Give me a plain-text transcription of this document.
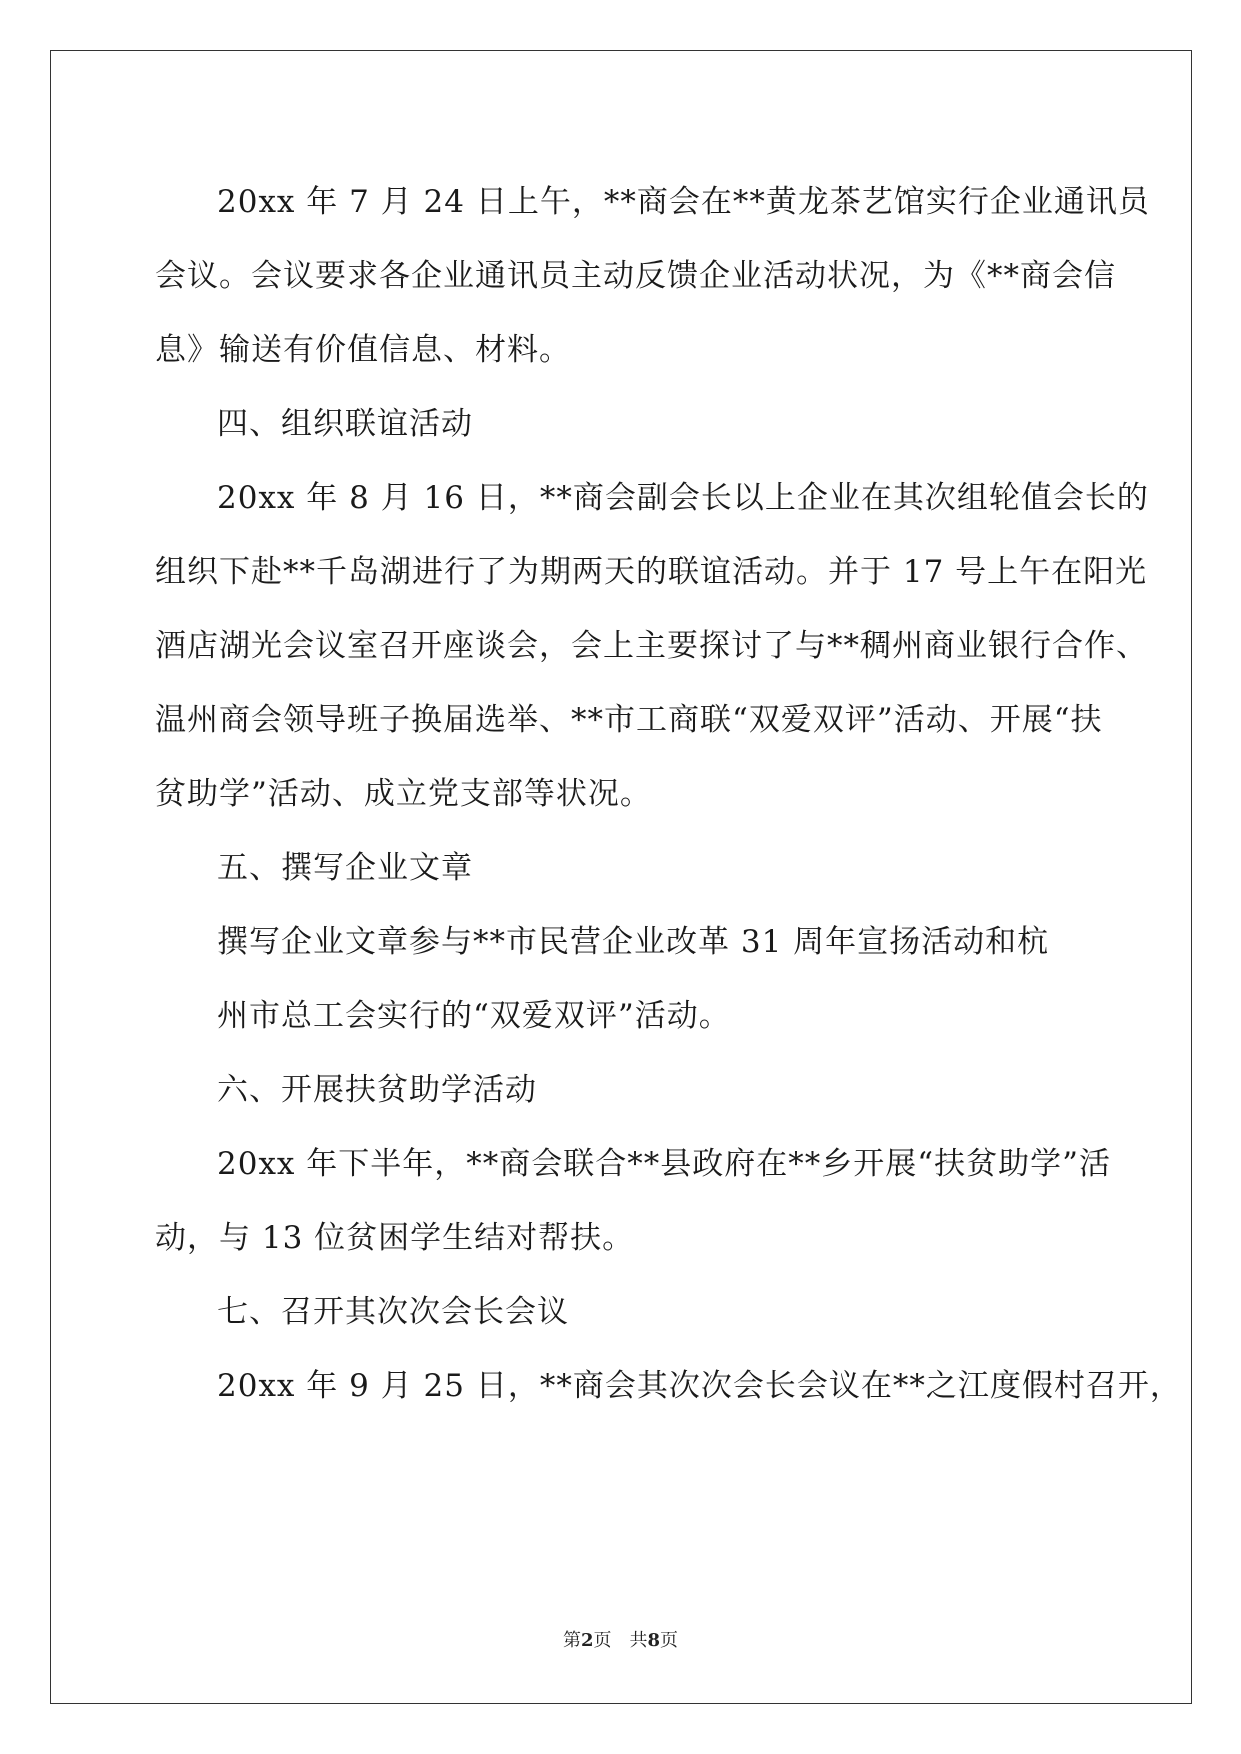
20xx 年 7 月 24 日上午，**商会在**黄龙茶艺馆实行企业通讯员
会议。会议要求各企业通讯员主动反馈企业活动状况，为《**商会信
息》输送有价值信息、材料。
四、组织联谊活动
20xx 年 8 月 16 日，**商会副会长以上企业在其次组轮值会长的
组织下赴**千岛湖进行了为期两天的联谊活动。并于 17 号上午在阳光
酒店湖光会议室召开座谈会，会上主要探讨了与**稠州商业银行合作、
温州商会领导班子换届选举、**市工商联“双爱双评”活动、开展“扶
贫助学”活动、成立党支部等状况。
五、撰写企业文章
撰写企业文章参与**市民营企业改革 31 周年宣扬活动和杭
州市总工会实行的“双爱双评”活动。
六、开展扶贫助学活动
20xx 年下半年，**商会联合**县政府在**乡开展“扶贫助学”活
动，与 13 位贫困学生结对帮扶。
七、召开其次次会长会议
20xx 年 9 月 25 日，**商会其次次会长会议在**之江度假村召开，
第2页　共8页
